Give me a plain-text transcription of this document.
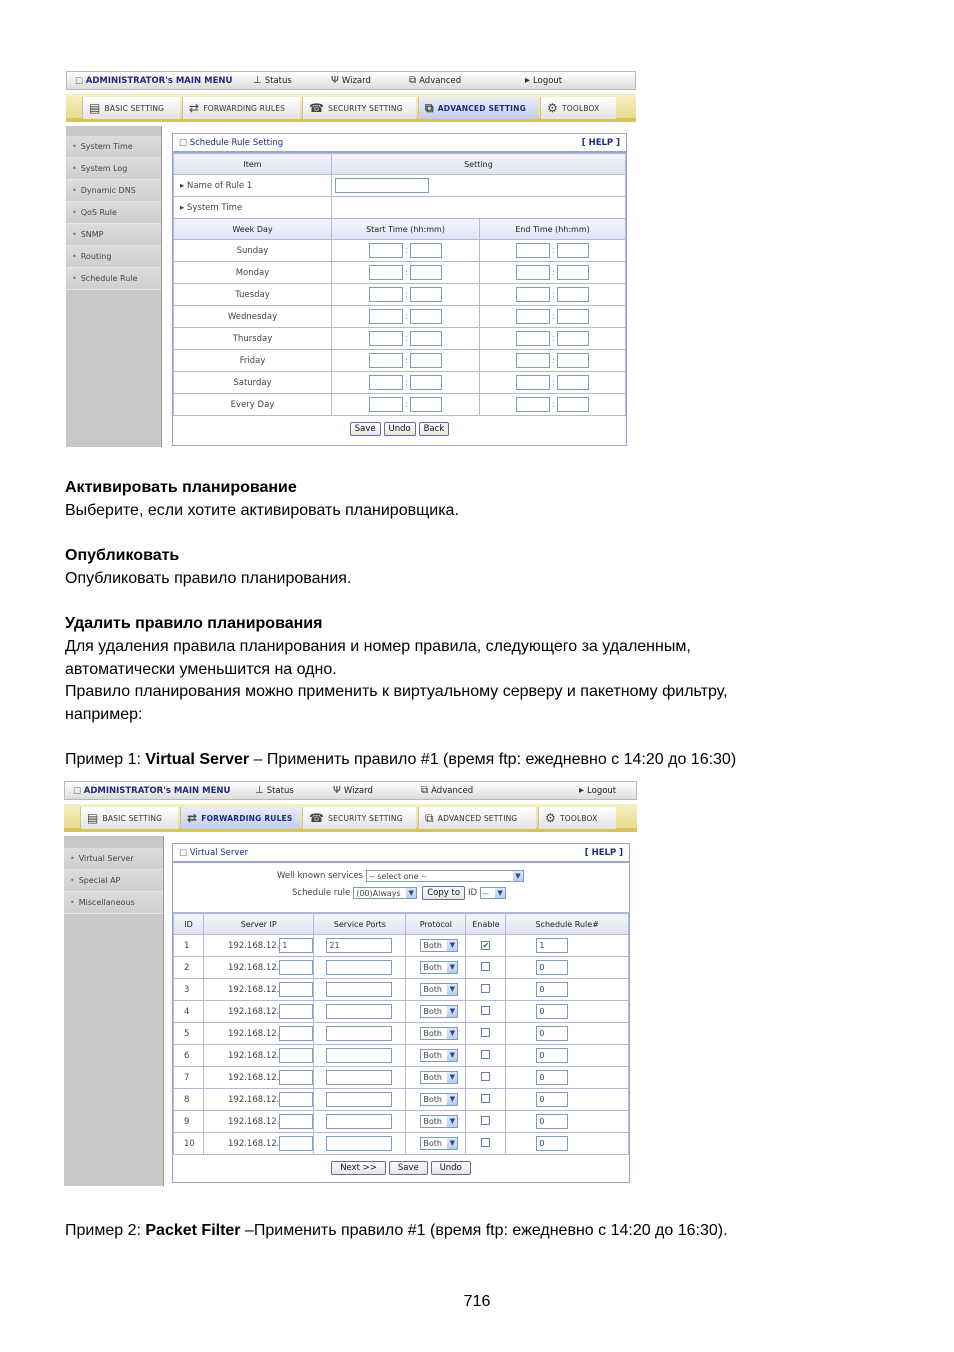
□ ADMINISTRATOR's MAIN MENU ⊥ Status	Ψ Wizard	⧉ Advanced	▸ Logout
▤ BASIC SETTING ⇄ FORWARDING RULES ☎ SECURITY SETTING ⧉ ADVANCED SETTING ⚙ TOOLBOX
• System Time
• System Log
• Dynamic DNS
• QoS Rule
• SNMP
• Routing
• Schedule Rule
□ Schedule Rule Setting	[ HELP ]
Item	Setting	
▸ Name of Rule 1		
▸ System Time		
Week Day	Start Time (hh:mm)	End Time (hh:mm)
Sunday	:	:
Monday	:	:
Tuesday	:	:
Wednesday	:	:
Thursday	:	:
Friday	:	:
Saturday	:	:
Every Day	:	:
Save Undo Back
Активировать планирование
Выберите, если хотите активировать планировщика.
Опубликовать
Опубликовать правило планирования.
Удалить правило планирования
Для удаления правила планирования и номер правила, следующего за удаленным,
автоматически уменьшится на одно.
Правило планирования можно применить к виртуальному серверу и пакетному фильтру,
например:
Пример 1: Virtual Server – Применить правило #1 (время ftp: ежедневно с 14:20 до 16:30)
□ ADMINISTRATOR's MAIN MENU ⊥ Status	Ψ Wizard	⧉ Advanced	▸ Logout
▤ BASIC SETTING ⇄ FORWARDING RULES ☎ SECURITY SETTING ⧉ ADVANCED SETTING ⚙ TOOLBOX
• Virtual Server
• Special AP
• Miscellaneous
□ Virtual Server	[ HELP ]
Well known services -- select one --	▼
Schedule rule (00)Always	▼	Copy to ID --	▼
ID	Server IP	Service Ports	Protocol	Enable	Schedule Rule#
1	192.168.12. 1	21	Both ▼	✔	1
2	192.168.12.		Both ▼		0
3	192.168.12.		Both ▼		0
4	192.168.12.		Both ▼		0
5	192.168.12.		Both ▼		0
6	192.168.12.		Both ▼		0
7	192.168.12.		Both ▼		0
8	192.168.12.		Both ▼		0
9	192.168.12.		Both ▼		0
10	192.168.12.		Both ▼		0
Next >> Save Undo
Пример 2: Packet Filter –Применить правило #1 (время ftp: ежедневно с 14:20 до 16:30).
716
